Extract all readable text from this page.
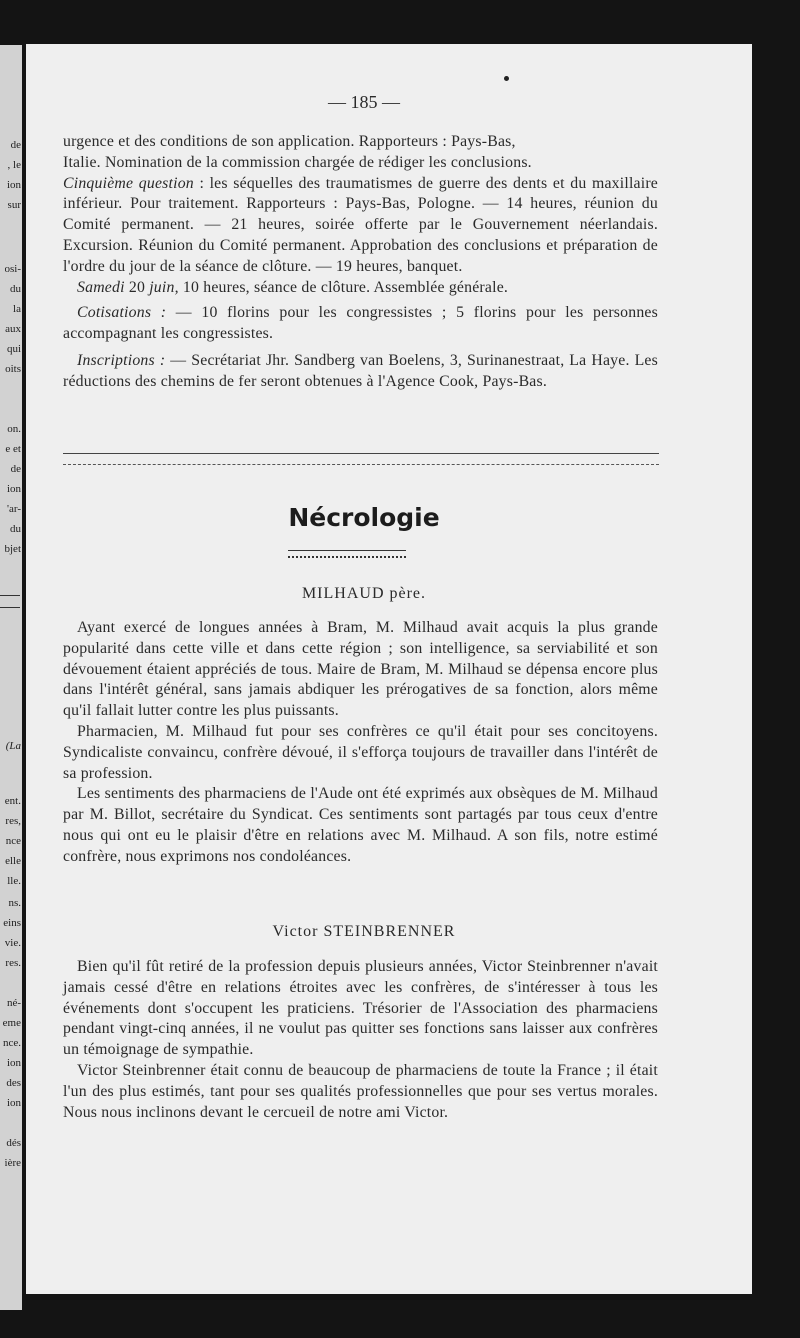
de
, le
ion
sur
osi-
du
la
aux
qui
oits
on.
e et
de
ion
'ar-
du
bjet
(La
ent.
res,
nce
elle
lle.
ns.
eins
vie.
res.
né-
eme
nce.
ion
des
ion
dés
ière
— 185 —

urgence et des conditions de son application. Rapporteurs : Pays-Bas,

Italie. Nomination de la commission chargée de rédiger les conclusions.

Cinquième question : les séquelles des traumatismes de guerre des dents et du maxillaire inférieur. Pour traitement. Rapporteurs : Pays-Bas, Pologne. — 14 heures, réunion du Comité permanent. — 21 heures, soirée offerte par le Gouvernement néerlandais. Excursion. Réunion du Comité permanent. Approbation des conclusions et préparation de l'ordre du jour de la séance de clôture. — 19 heures, banquet.

Samedi 20 juin, 10 heures, séance de clôture. Assemblée générale.

Cotisations : — 10 florins pour les congressistes ; 5 florins pour les personnes accompagnant les congressistes.

Inscriptions : — Secrétariat Jhr. Sandberg van Boelens, 3, Surinanestraat, La Haye. Les réductions des chemins de fer seront obtenues à l'Agence Cook, Pays-Bas.

Nécrologie
MILHAUD père.

Ayant exercé de longues années à Bram, M. Milhaud avait acquis la plus grande popularité dans cette ville et dans cette région ; son intelligence, sa serviabilité et son dévouement étaient appréciés de tous. Maire de Bram, M. Milhaud se dépensa encore plus dans l'intérêt général, sans jamais abdiquer les prérogatives de sa fonction, alors même qu'il fallait lutter contre les plus puissants.

Pharmacien, M. Milhaud fut pour ses confrères ce qu'il était pour ses concitoyens. Syndicaliste convaincu, confrère dévoué, il s'efforça toujours de travailler dans l'intérêt de sa profession.

Les sentiments des pharmaciens de l'Aude ont été exprimés aux obsèques de M. Milhaud par M. Billot, secrétaire du Syndicat. Ces sentiments sont partagés par tous ceux d'entre nous qui ont eu le plaisir d'être en relations avec M. Milhaud. A son fils, notre estimé confrère, nous exprimons nos condoléances.

Victor STEINBRENNER

Bien qu'il fût retiré de la profession depuis plusieurs années, Victor Steinbrenner n'avait jamais cessé d'être en relations étroites avec les confrères, de s'intéresser à tous les événements dont s'occupent les praticiens. Trésorier de l'Association des pharmaciens pendant vingt-cinq années, il ne voulut pas quitter ses fonctions sans laisser aux confrères un témoignage de sympathie.

Victor Steinbrenner était connu de beaucoup de pharmaciens de toute la France ; il était l'un des plus estimés, tant pour ses qualités professionnelles que pour ses vertus morales. Nous nous inclinons devant le cercueil de notre ami Victor.
